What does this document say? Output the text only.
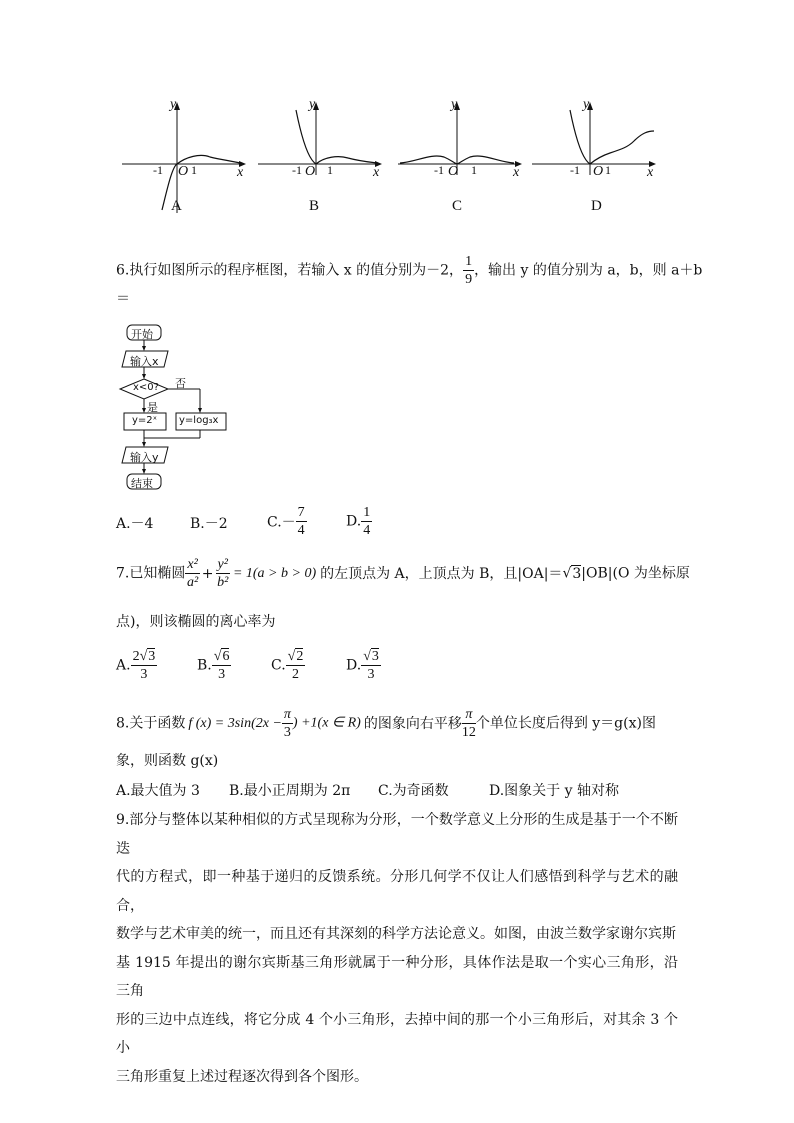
y
x
-1 O 1
A
y
x
-1 O 1
B
y
x
-1 O 1
C
y
x
-1 O 1
D
6.执行如图所示的程序框图，若输入 x 的值分别为－2， $\frac{1}{9}$ ，输出 y 的值分别为 a，b，则 a＋b
＝
开始
输入x
x<0? 否
是
y=2ˣ y=log₃x
输入y
结束
A.－4	B.－2	$C.- \frac{7}{4}$	D. $\frac{1}{4}$
7.已知椭圆 $\frac{\text{x²}}{\text{a²}} + \frac{\text{y²}}{\text{b²}} = 1(a > b > 0)$ 的左顶点为 A，上顶点为 B，且|OA|＝√3|OB|(O 为坐标原
点)，则该椭圆的离心率为
A. $\frac{2√3}{3}$	B. $\frac{√6}{3}$	C. $\frac{√2}{2}$	D. $\frac{√3}{3}$
8.关于函数 f $(x) = 3\sin(2x - \frac{\pi}{3}$ ) +1(x ∈ R) 的图象向右平移 $\frac{\pi}{12}$ 个单位长度后得到 y＝g(x)图
象，则函数 g(x)
A.最大值为 3 B.最小正周期为 2π C.为奇函数	D.图象关于 y 轴对称
9.部分与整体以某种相似的方式呈现称为分形，一个数学意义上分形的生成是基于一个不断迭
代的方程式，即一种基于递归的反馈系统。分形几何学不仅让人们感悟到科学与艺术的融合，
数学与艺术审美的统一，而且还有其深刻的科学方法论意义。如图，由波兰数学家谢尔宾斯
基 1915 年提出的谢尔宾斯基三角形就属于一种分形，具体作法是取一个实心三角形，沿三角
形的三边中点连线，将它分成 4 个小三角形，去掉中间的那一个小三角形后，对其余 3 个小
三角形重复上述过程逐次得到各个图形。
